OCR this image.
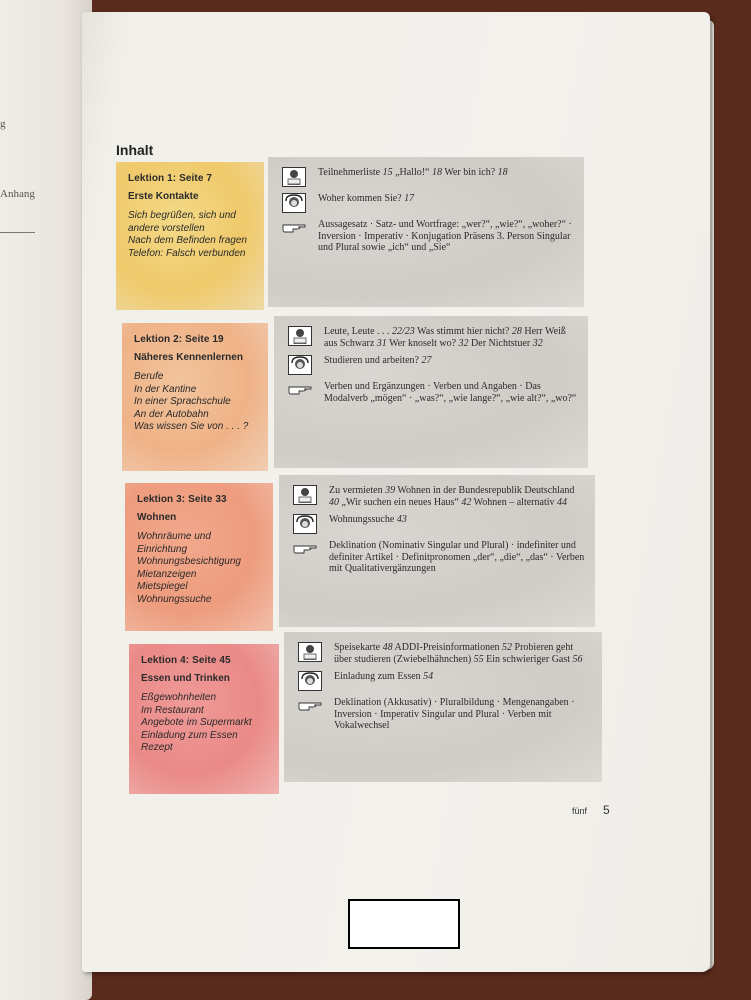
g
Anhang
Inhalt
Lektion 1: Seite 7
Erste Kontakte
Sich begrüßen, sich und andere vorstellen
Nach dem Befinden fragen
Telefon: Falsch verbunden
Lektion 2: Seite 19
Näheres Kennenlernen
Berufe
In der Kantine
In einer Sprachschule
An der Autobahn
Was wissen Sie von . . . ?
Lektion 3: Seite 33
Wohnen
Wohnräume und Einrichtung
Wohnungsbesichtigung
Mietanzeigen
Mietspiegel
Wohnungssuche
Lektion 4: Seite 45
Essen und Trinken
Eßgewohnheiten
Im Restaurant
Angebote im Supermarkt
Einladung zum Essen
Rezept
Teilnehmerliste 15 „Hallo!“ 18 Wer bin ich? 18
Woher kommen Sie? 17
Aussagesatz · Satz- und Wortfrage: „wer?“, „wie?“, „woher?“ · Inversion · Imperativ · Konjugation Präsens 3. Person Singular und Plural sowie „ich“ und „Sie“
Leute, Leute . . . 22/23 Was stimmt hier nicht? 28 Herr Weiß aus Schwarz 31 Wer knoselt wo? 32 Der Nichtstuer 32
Studieren und arbeiten? 27
Verben und Ergänzungen · Verben und Angaben · Das Modalverb „mögen“ · „was?“, „wie lange?“, „wie alt?“, „wo?“
Zu vermieten 39 Wohnen in der Bundesrepublik Deutschland 40 „Wir suchen ein neues Haus“ 42 Wohnen – alternativ 44
Wohnungssuche 43
Deklination (Nominativ Singular und Plural) · indefiniter und definiter Artikel · Definitpronomen „der“, „die“, „das“ · Verben mit Qualitativergänzungen
Speisekarte 48 ADDI-Preisinformationen 52 Probieren geht über studieren (Zwiebelhähnchen) 55 Ein schwieriger Gast 56
Einladung zum Essen 54
Deklination (Akkusativ) · Pluralbildung · Mengenangaben · Inversion · Imperativ Singular und Plural · Verben mit Vokalwechsel
fünf 5
